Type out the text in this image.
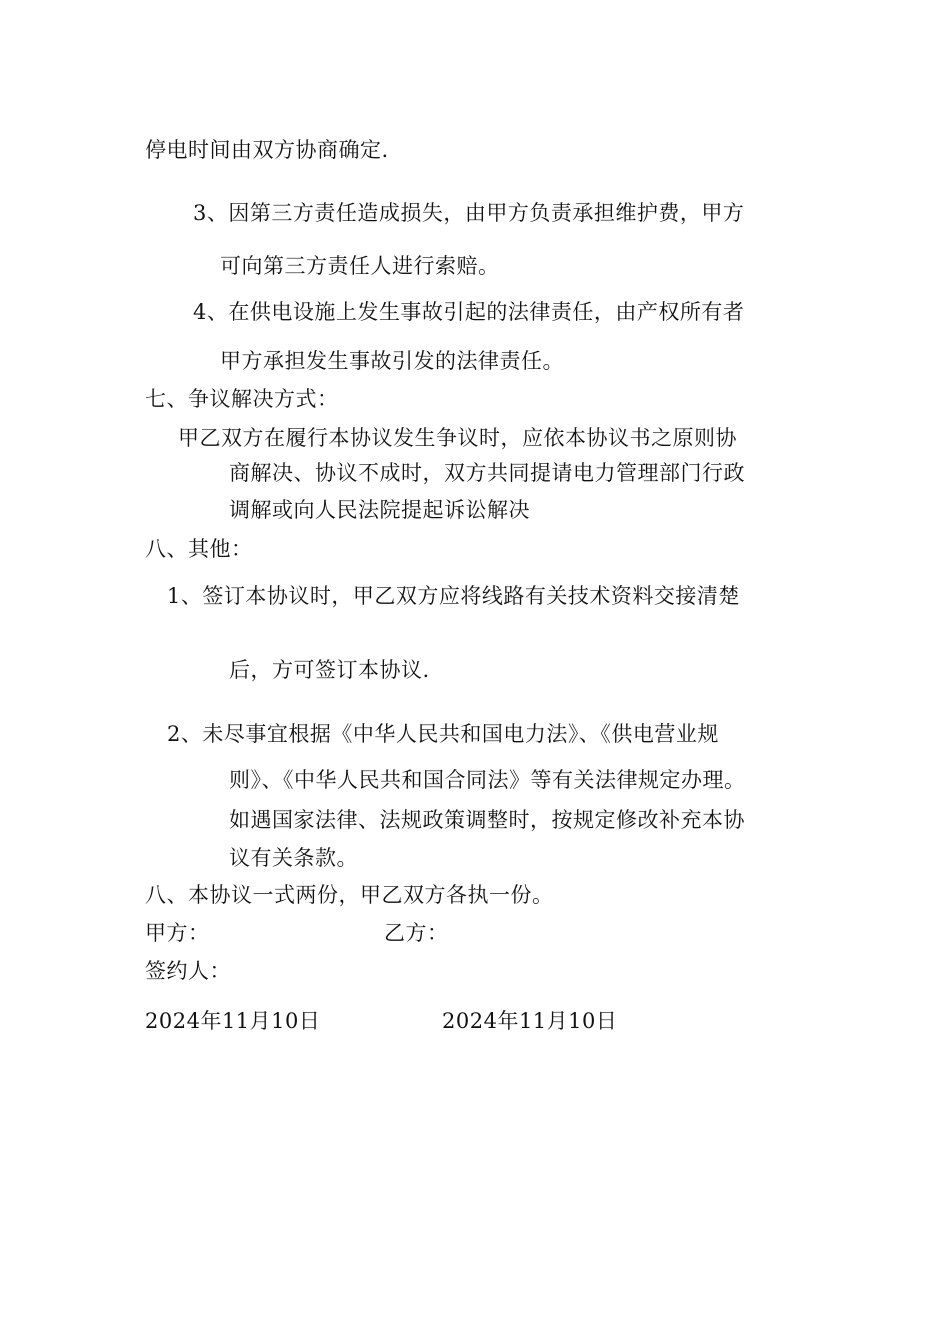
停电时间由双方协商确定.
3、因第三方责任造成损失，由甲方负责承担维护费，甲方
可向第三方责任人进行索赔。
4、在供电设施上发生事故引起的法律责任，由产权所有者
甲方承担发生事故引发的法律责任。
七、争议解决方式：
甲乙双方在履行本协议发生争议时，应依本协议书之原则协
商解决、协议不成时，双方共同提请电力管理部门行政
调解或向人民法院提起诉讼解决
八、其他：
1、签订本协议时，甲乙双方应将线路有关技术资料交接清楚
后，方可签订本协议.
2、未尽事宜根据《中华人民共和国电力法》、《供电营业规
则》、《中华人民共和国合同法》等有关法律规定办理。
如遇国家法律、法规政策调整时，按规定修改补充本协
议有关条款。
八、本协议一式两份，甲乙双方各执一份。
甲方：	乙方：
签约人：
2024年11月10日	2024年11月10日
